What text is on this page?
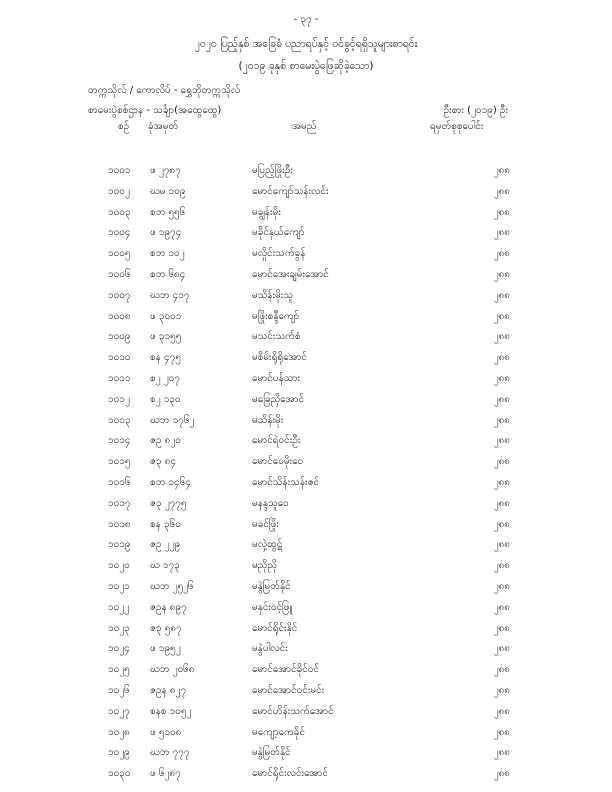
- ၃၇ -
၂၀၂၀ ပြည့်နှစ် အခြေခံ ပညာရပ်နှင့် ဝင်ခွင့်ရရှိသူများစာရင်း
(၂၀၁၉ ခုနှစ် စာမေးပွဲဖြေဆိုခဲ့သော)
တက္ကသိုလ် / ကောလိပ် - ရွှေဘိုတက္ကသိုလ်
စာမေးပွဲစစ်ဌာန - သင်္ချာ(အထွေထွေ)	ဦးစား (၂၀၁၉) ဦး
စဉ် ခုံအမှတ်	အမည်	ရမှတ်စုစုပေါင်း
၁၀၀၁ ဖ ၂၇၈၇	မပြည့်ဖြိုးဦး	၂၈၈
၁၀၀၂ ဃမ ၁၀၉	မောင်ကျော်သန်းလင်း	၂၈၈
၁၀၀၃ စဘ ၅၅၆	မချွန်းမိုး	၂၈၈
၁၀၀၄ ဖ ၁၉၇၄	မခိုင်နှယ်ကျော်	၂၈၈
၁၀၀၅ စဘ ၁၀၂	မလှိုင်းသက်ခွန်	၂၈၈
၁၀၀၆ စဘ ၆၈၄	မောင်အေးချမ်းအောင်	၂၈၈
၁၀၀၇ ဃဘ ၄၁၇	မသိန်းမိုးသူ	၂၈၈
၁၀၀၈ ဖ ၃၀၀၁	မဖြိုးစန္ဒီကျော်	၂၈၈
၁၀၀၉ ဖ ၃၁၅၅	မသင်းသက်စံ	၂၈၈
၁၀၁၀ စန ၄၇၅	မစိမ်းရိုရိုအောင်	၂၈၈
၁၀၁၁ စ၂ ၂၀၇	မောင်ပန်သား	၂၈၈
၁၀၁၂ စ၂ ၁၃၀	မခြေညှိအောင်	၂၈၈
၁၀၁၃ ဃဘ ၁၇၆၂	မသိန်းမိုး	၂၈၈
၁၀၁၄ ဇဥ ၈၂၀	မောင်ရဲဝင်းဦး	၂၈၈
၁၀၁၅ ဇ၃ ၈၄	မောင်ဝေမိုးဝေ	၂၈၈
၁၀၁၆ စဘ ၁၄၆၄	မောင်သိန်းသန်းဇင်	၂၈၈
၁၀၁၇ ဇ၃ ၂၇၇၅	မနန္ဒသူဝေ	၂၈၈
၁၀၁၈ စန ၃၆၀	မခင်ဖြိုး	၂၈၈
၁၀၁၉ ဇဥ ၂၂၉	မလှဲ့ထွဋ်	၂၈၈
၁၀၂၀ ဃ ၁၇၃	မညိုညို	၂၈၈
၁၀၂၁ ဃဘ ၂၅၂၆	မနွဲမြတ်နိုင်	၂၈၈
၁၀၂၂ ဇဥန ၈၉၇	မနှင်းဝင့်ဖြူ	၂၈၈
၁၀၂၃ ဇ၃ ၅၈၇	မောင်ရိုင်းနိုင်	၂၈၈
၁၀၂၄ ဖ ၁၉၅၂	မနွဲပါလင်း	၂၈၈
၁၀၂၅ ဃဘ ၂၀၆၈	မောင်အောင်ခိုင်ဝင်	၂၈၈
၁၀၂၆ ဇဥန ၈၂၇	မောင်အောင်ဝင်းမင်း	၂၈၈
၁၀၂၇ စနစ ၁၀၅၂	မောင်ဟိန်းသက်အောင်	၂၈၈
၁၀၂၈ ဖ ၅၁၀၈	မကျော့ကေခိုင်	၂၈၈
၁၀၂၉ ဃဘ ၇၇၇	မနွဲမြတ်နိုင်	၂၈၈
၁၀၃၀ ဖ ၆၂၈၇	မောင်ရိုင်းလင်းအောင်	၂၈၈
